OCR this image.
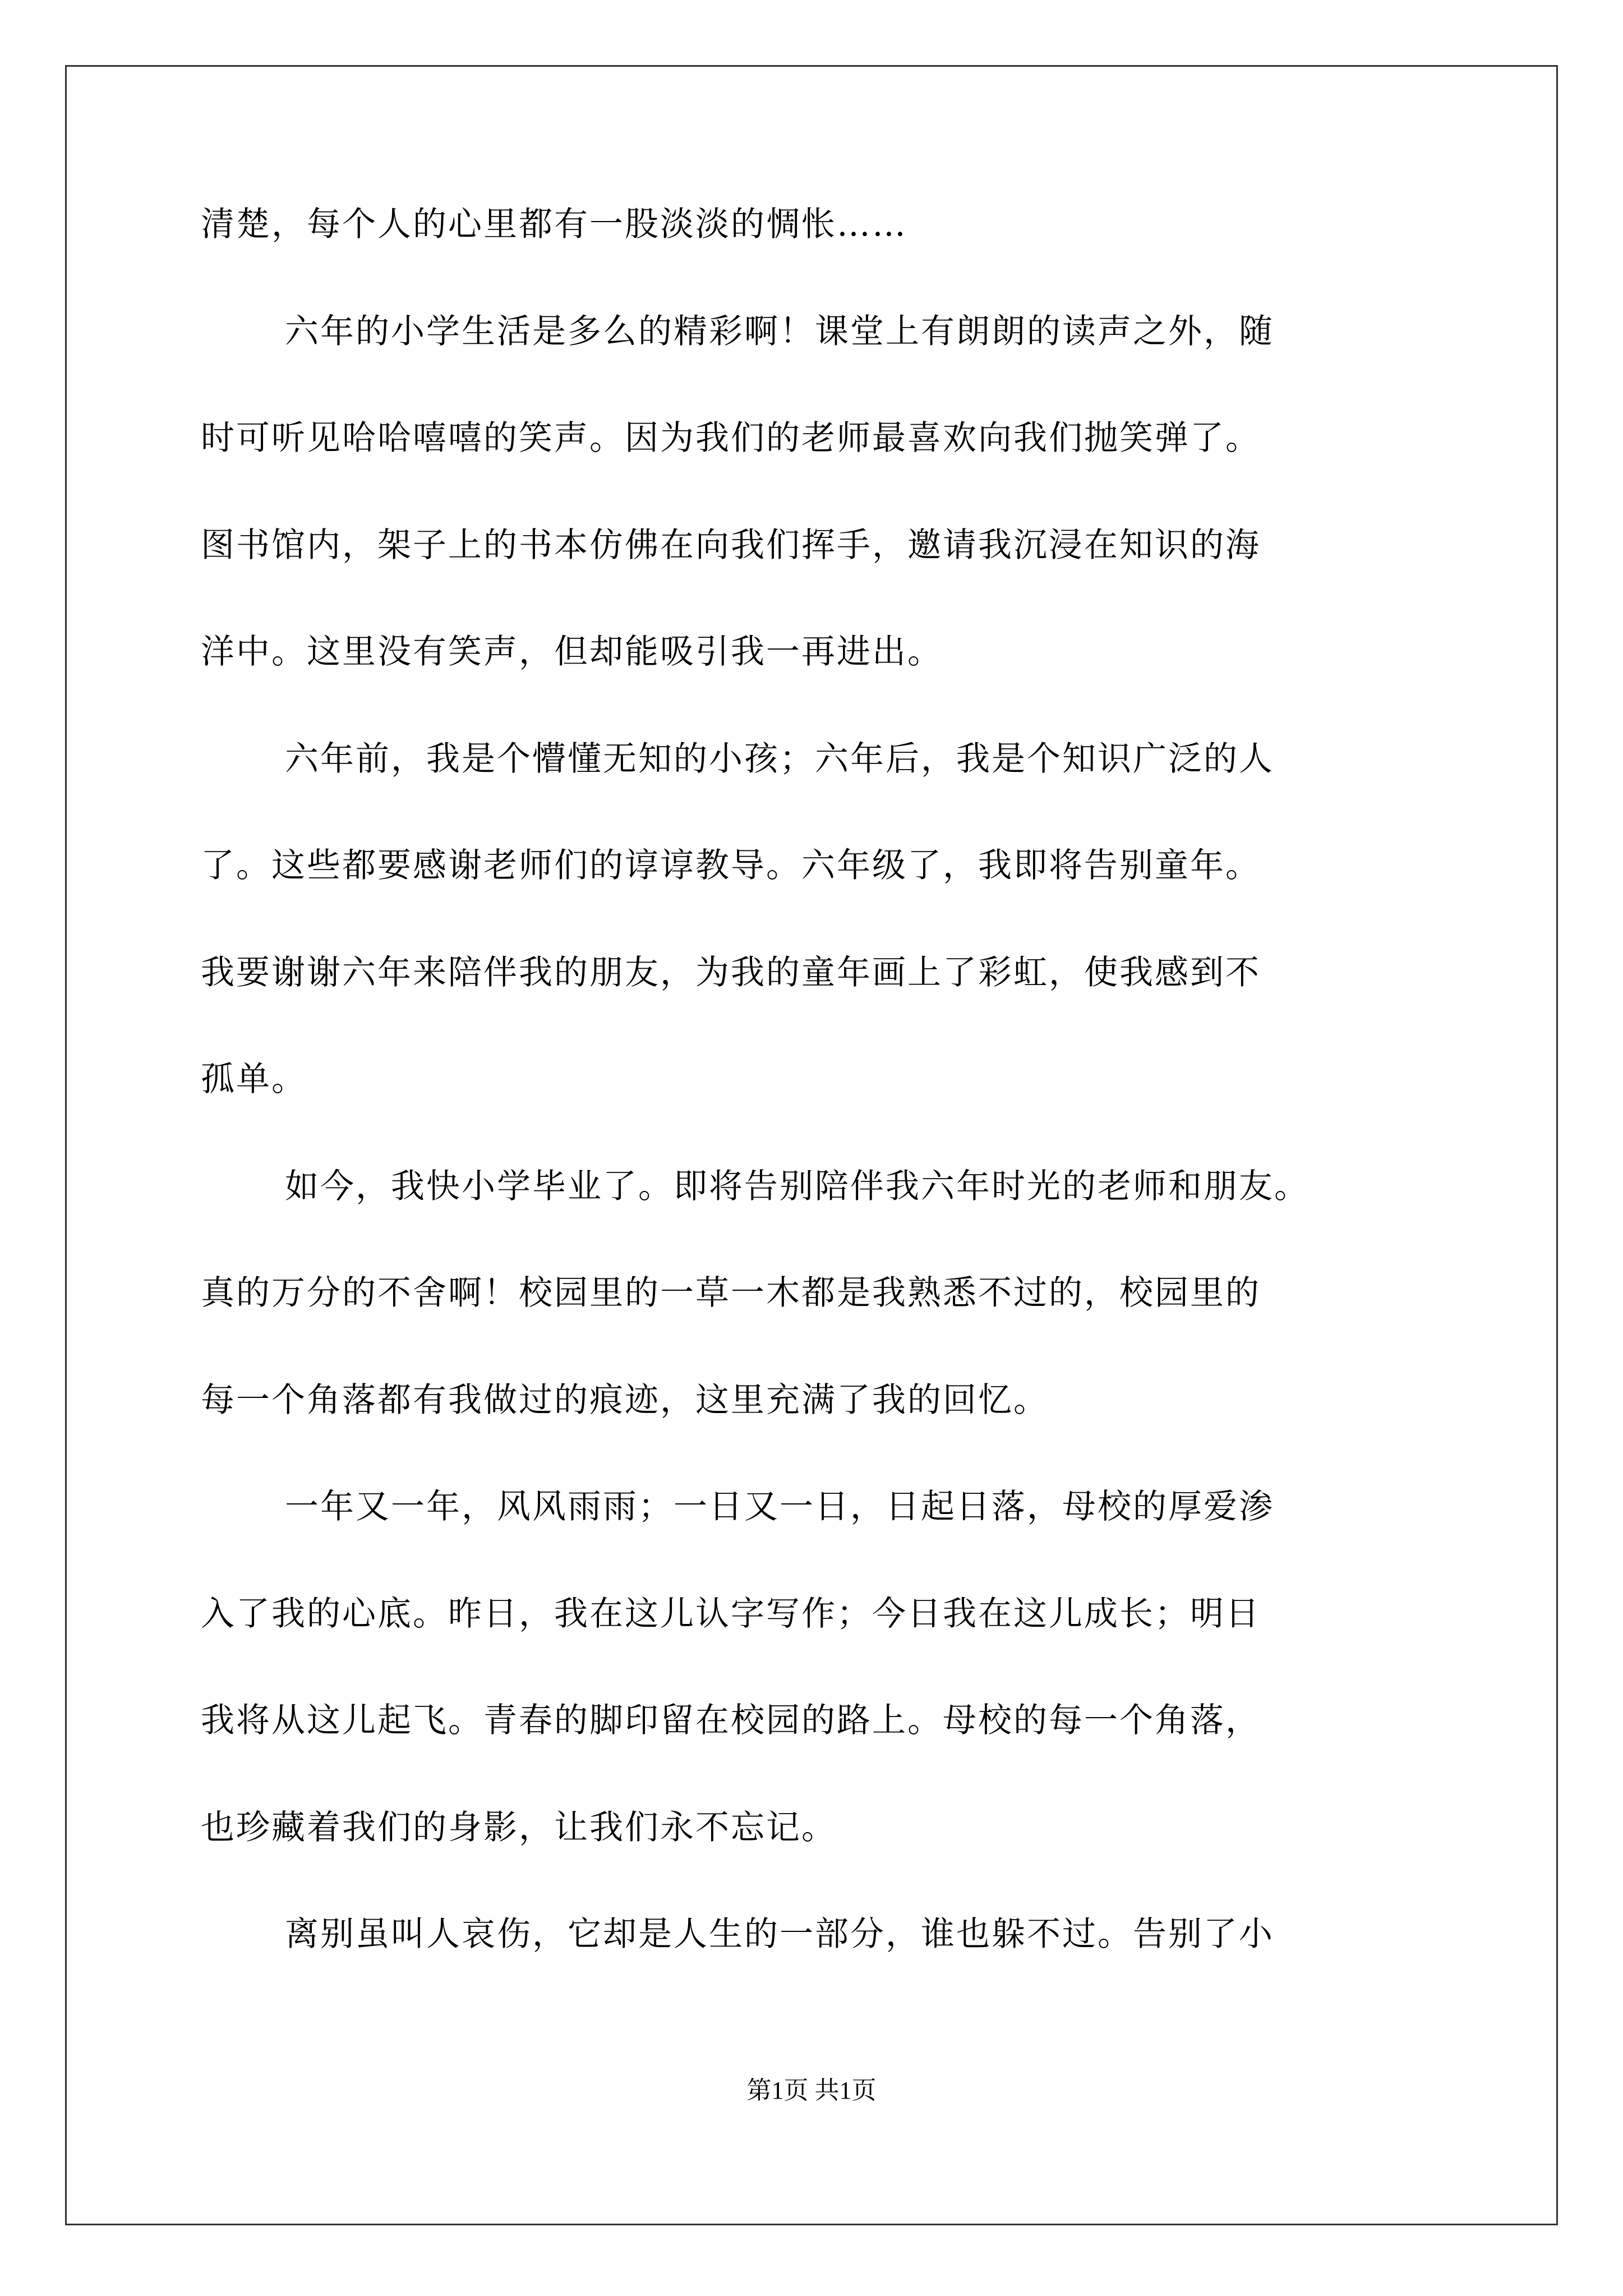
清楚，每个人的心里都有一股淡淡的惆怅……
六年的小学生活是多么的精彩啊！课堂上有朗朗的读声之外，随
时可听见哈哈嘻嘻的笑声。因为我们的老师最喜欢向我们抛笑弹了。
图书馆内，架子上的书本仿佛在向我们挥手，邀请我沉浸在知识的海
洋中。这里没有笑声，但却能吸引我一再进出。
六年前，我是个懵懂无知的小孩；六年后，我是个知识广泛的人
了。这些都要感谢老师们的谆谆教导。六年级了，我即将告别童年。
我要谢谢六年来陪伴我的朋友，为我的童年画上了彩虹，使我感到不
孤单。
如今，我快小学毕业了。即将告别陪伴我六年时光的老师和朋友。
真的万分的不舍啊！校园里的一草一木都是我熟悉不过的，校园里的
每一个角落都有我做过的痕迹，这里充满了我的回忆。
一年又一年，风风雨雨；一日又一日，日起日落，母校的厚爱渗
入了我的心底。昨日，我在这儿认字写作；今日我在这儿成长；明日
我将从这儿起飞。青春的脚印留在校园的路上。母校的每一个角落，
也珍藏着我们的身影，让我们永不忘记。
离别虽叫人哀伤，它却是人生的一部分，谁也躲不过。告别了小
第1页 共1页
